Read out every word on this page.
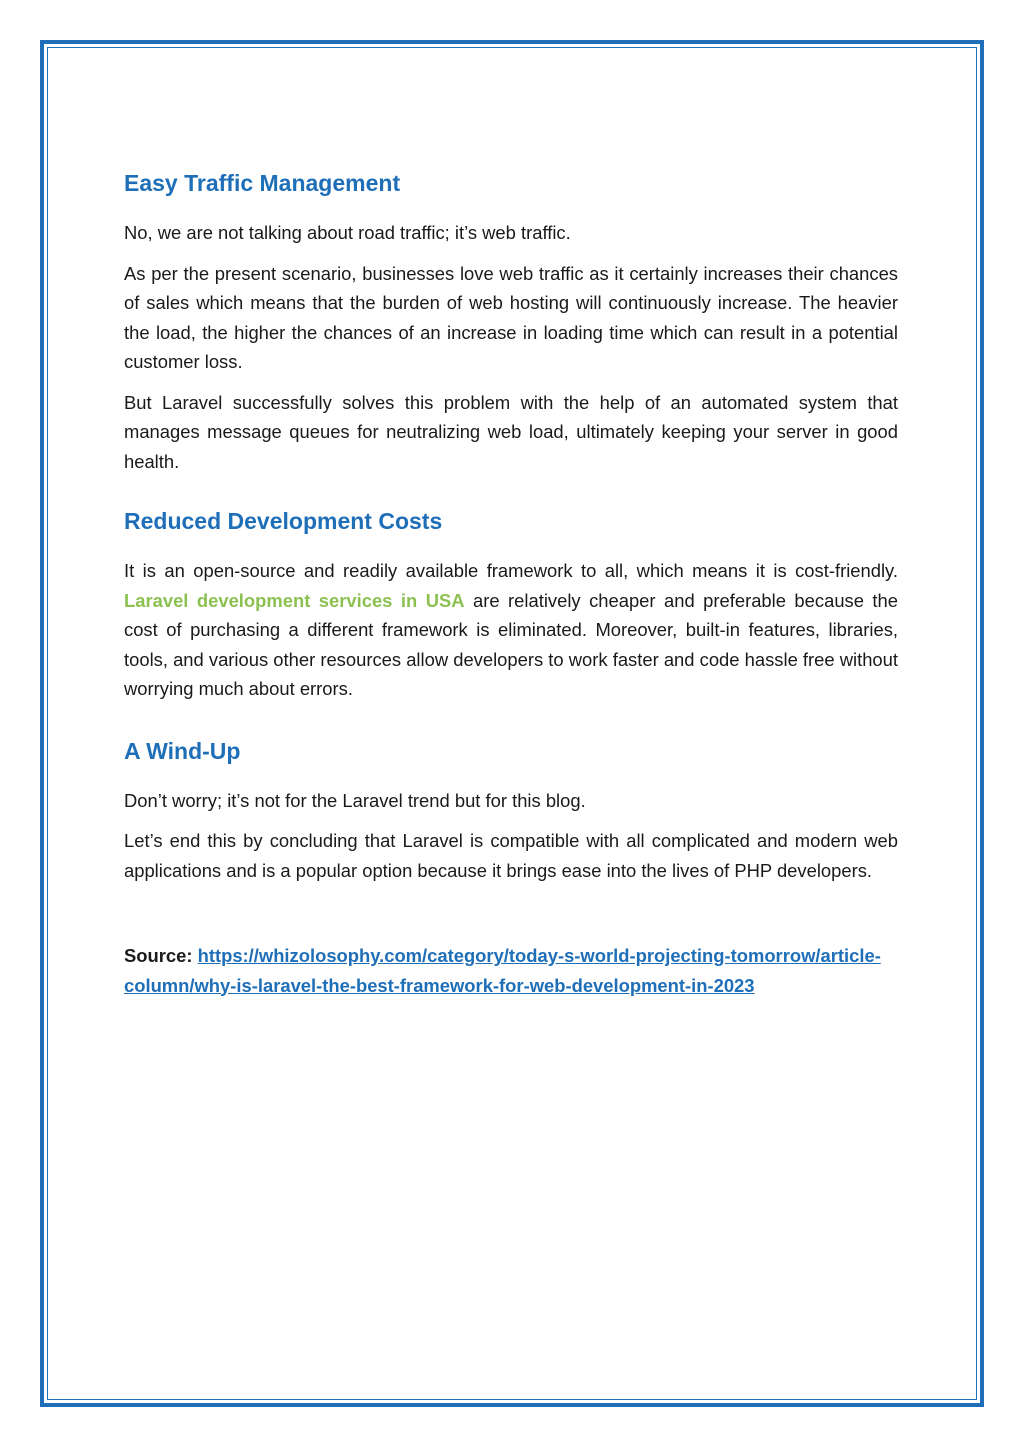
Easy Traffic Management

No, we are not talking about road traffic; it’s web traffic.

As per the present scenario, businesses love web traffic as it certainly increases their chances of sales which means that the burden of web hosting will continuously increase. The heavier the load, the higher the chances of an increase in loading time which can result in a potential customer loss.

But Laravel successfully solves this problem with the help of an automated system that manages message queues for neutralizing web load, ultimately keeping your server in good health.

Reduced Development Costs

It is an open-source and readily available framework to all, which means it is cost-friendly. Laravel development services in USA are relatively cheaper and preferable because the cost of purchasing a different framework is eliminated. Moreover, built-in features, libraries, tools, and various other resources allow developers to work faster and code hassle free without worrying much about errors.

A Wind-Up

Don’t worry; it’s not for the Laravel trend but for this blog.

Let’s end this by concluding that Laravel is compatible with all complicated and modern web applications and is a popular option because it brings ease into the lives of PHP developers.

Source: https://whizolosophy.com/category/today-s-world-projecting-tomorrow/article-column/why-is-laravel-the-best-framework-for-web-development-in-2023
